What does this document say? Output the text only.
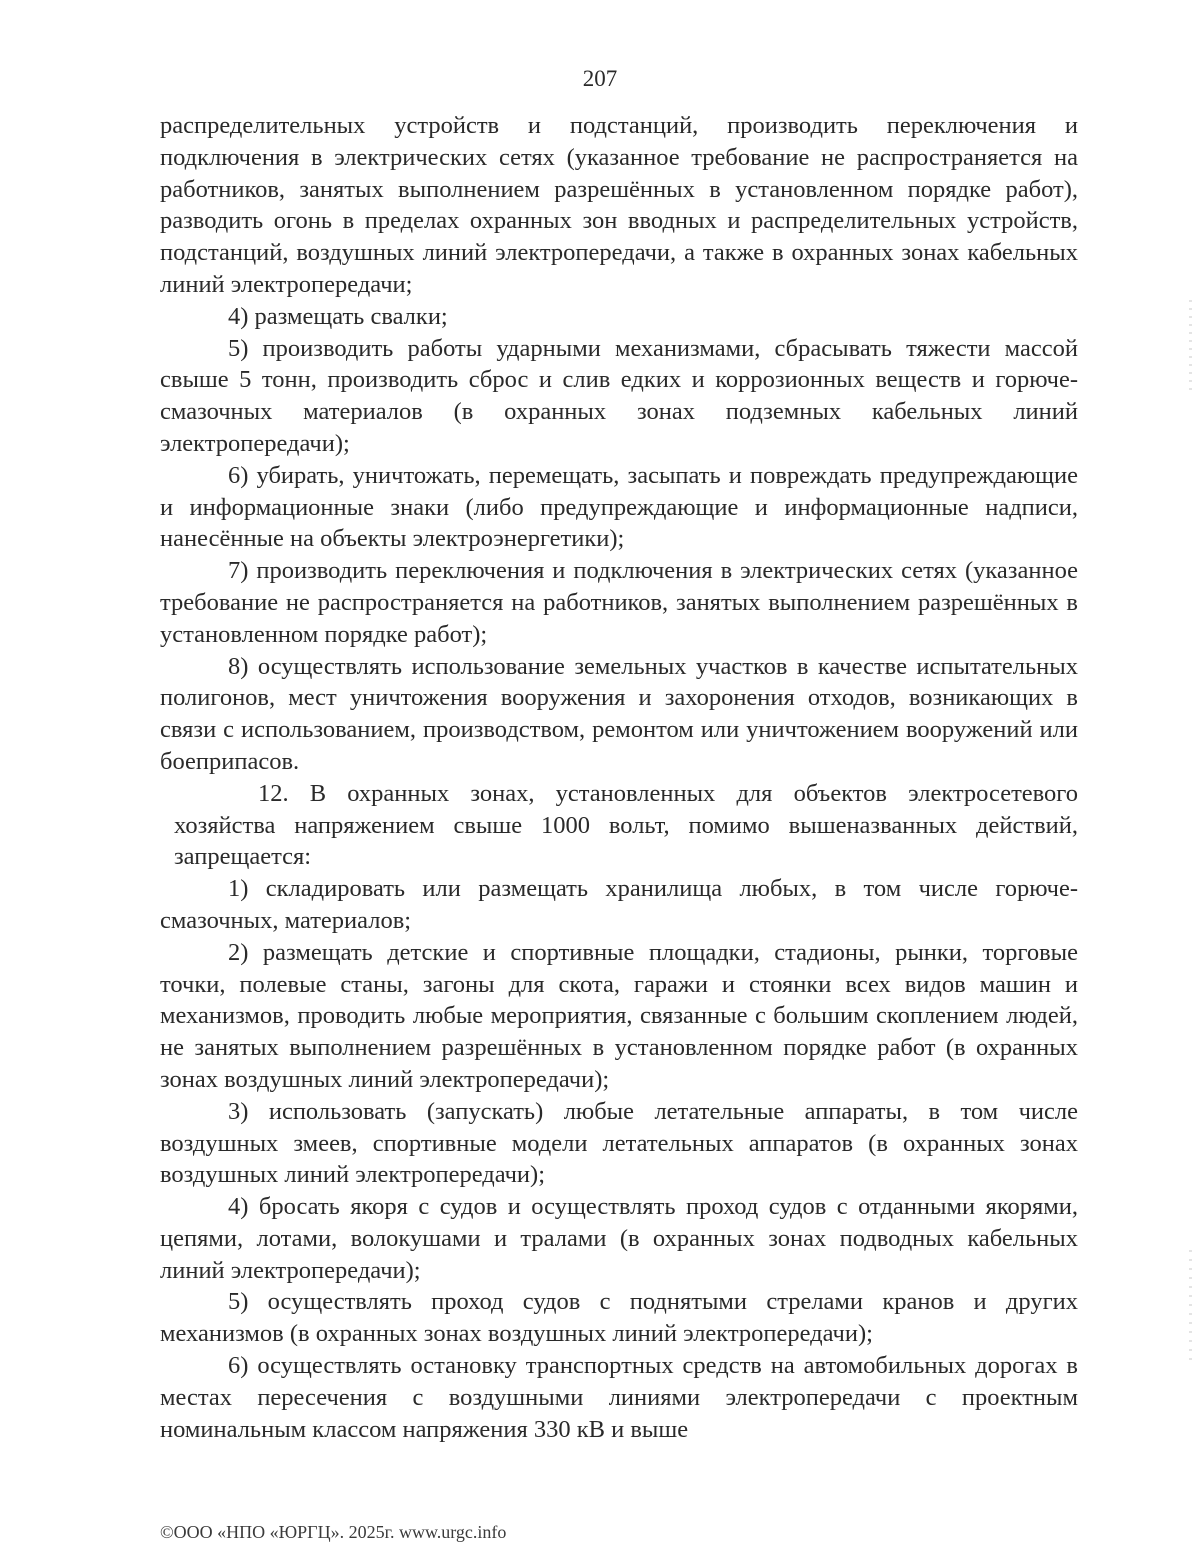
207

распределительных устройств и подстанций, производить переключения и подключения в электрических сетях (указанное требование не распространяется на работников, занятых выполнением разрешённых в установленном порядке работ), разводить огонь в пределах охранных зон вводных и распределительных устройств, подстанций, воздушных линий электропередачи, а также в охранных зонах кабельных линий электропередачи;

4) размещать свалки;

5) производить работы ударными механизмами, сбрасывать тяжести массой свыше 5 тонн, производить сброс и слив едких и коррозионных веществ и горюче-смазочных материалов (в охранных зонах подземных кабельных линий электропередачи);

6) убирать, уничтожать, перемещать, засыпать и повреждать предупреждающие и информационные знаки (либо предупреждающие и информационные надписи, нанесённые на объекты электроэнергетики);

7) производить переключения и подключения в электрических сетях (указанное требование не распространяется на работников, занятых выполнением разрешённых в установленном порядке работ);

8) осуществлять использование земельных участков в качестве испытательных полигонов, мест уничтожения вооружения и захоронения отходов, возникающих в связи с использованием, производством, ремонтом или уничтожением вооружений или боеприпасов.

12. В охранных зонах, установленных для объектов электросетевого хозяйства напряжением свыше 1000 вольт, помимо вышеназванных действий, запрещается:

1) складировать или размещать хранилища любых, в том числе горюче-смазочных, материалов;

2) размещать детские и спортивные площадки, стадионы, рынки, торговые точки, полевые станы, загоны для скота, гаражи и стоянки всех видов машин и механизмов, проводить любые мероприятия, связанные с большим скоплением людей, не занятых выполнением разрешённых в установленном порядке работ (в охранных зонах воздушных линий электропередачи);

3) использовать (запускать) любые летательные аппараты, в том числе воздушных змеев, спортивные модели летательных аппаратов (в охранных зонах воздушных линий электропередачи);

4) бросать якоря с судов и осуществлять проход судов с отданными якорями, цепями, лотами, волокушами и тралами (в охранных зонах подводных кабельных линий электропередачи);

5) осуществлять проход судов с поднятыми стрелами кранов и других механизмов (в охранных зонах воздушных линий электропередачи);

6) осуществлять остановку транспортных средств на автомобильных дорогах в местах пересечения с воздушными линиями электропередачи с проектным номинальным классом напряжения 330 кВ и выше

©ООО «НПО «ЮРГЦ». 2025г. www.urgc.info
